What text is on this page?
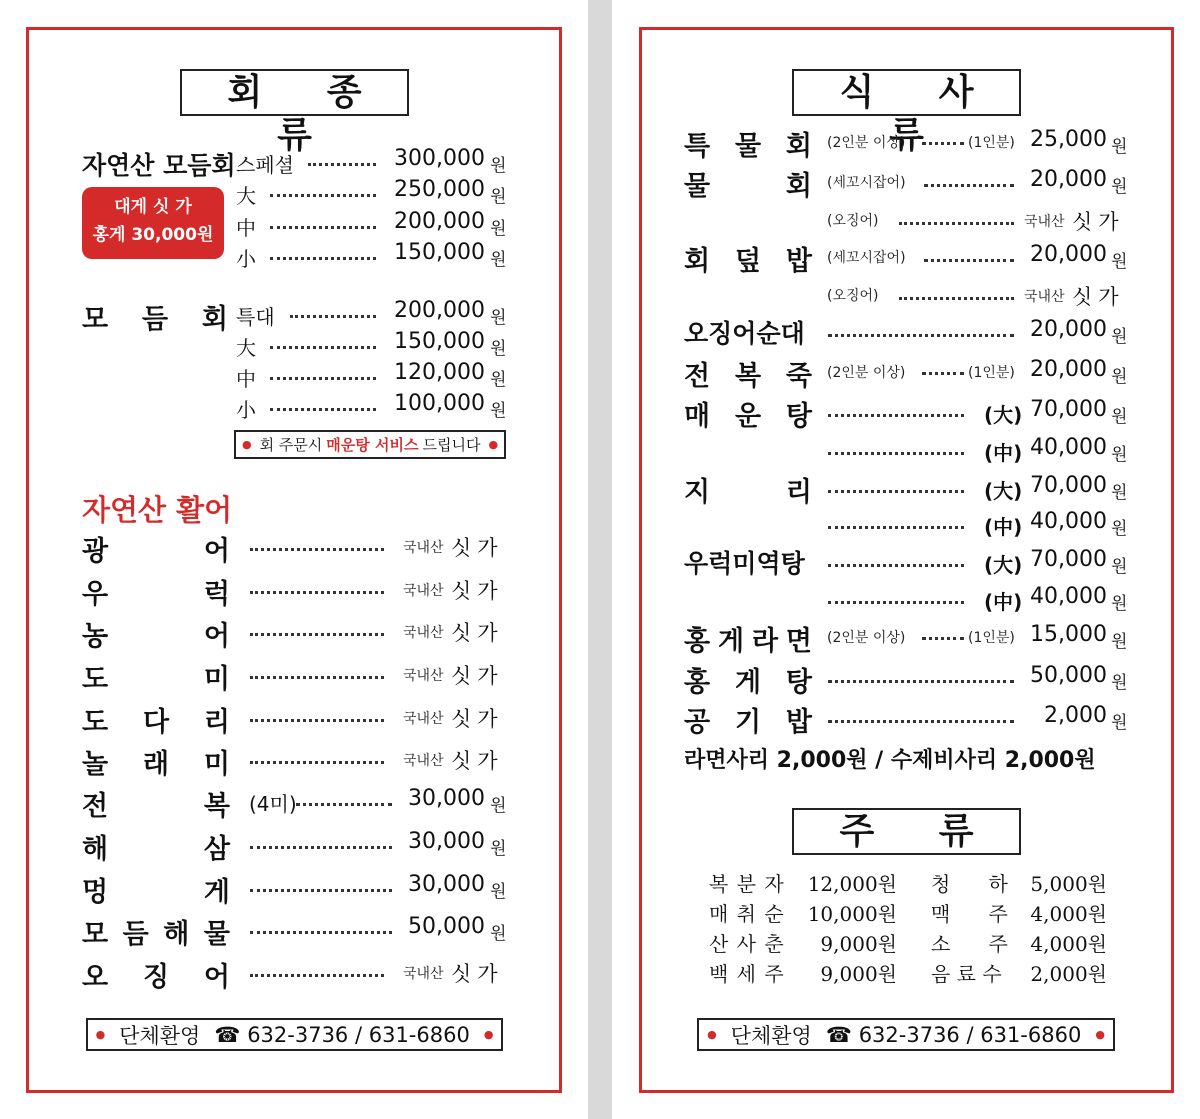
회 종 류
자연산 모듬회
대게 싯 가
홍게 30,000원
스페셜	300,000 원
大	250,000 원
中	200,000 원
小	150,000 원
모 듬 회 특대	200,000 원
大	150,000 원
中	120,000 원
小	100,000 원
● 회 주문시 매운탕 서비스 드립니다 ●
자연산 활어
광	어	국내산 싯가
우	럭	국내산 싯가
농	어	국내산 싯가
도	미	국내산 싯가
도 다 리	국내산 싯가
놀 래 미	국내산 싯가
전	복 (4미)	30,000 원
해	삼	30,000 원
멍	게	30,000 원
모 듬 해 물	50,000 원
오 징 어	국내산 싯가
● 단체환영 ☎ 632-3736 / 631-6860 ●
식 사 류
특 물 회 (2인분 이상)	(1인분) 25,000 원
물	회 (세꼬시잡어)	20,000 원
(오징어)	국내산 싯가
회 덮 밥 (세꼬시잡어)	20,000 원
(오징어)	국내산 싯가
오징어순대	20,000 원
전 복 죽 (2인분 이상)	(1인분) 20,000 원
매 운 탕	(大) 70,000 원
(中) 40,000 원
지	리	(大) 70,000 원
(中) 40,000 원
우럭미역탕	(大) 70,000 원
(中) 40,000 원
홍 게 라 면 (2인분 이상)	(1인분) 15,000 원
홍 게 탕	50,000 원
공 기 밥	2,000 원
라면사리 2,000원 / 수제비사리 2,000원
주 류
복 분 자 12,000원 청      하	5,000원
매 취 순 10,000원 맥      주	4,000원
산 사 춘	9,000원 소      주	4,000원
백 세 주	9,000원 음 료 수	2,000원
● 단체환영 ☎ 632-3736 / 631-6860 ●
